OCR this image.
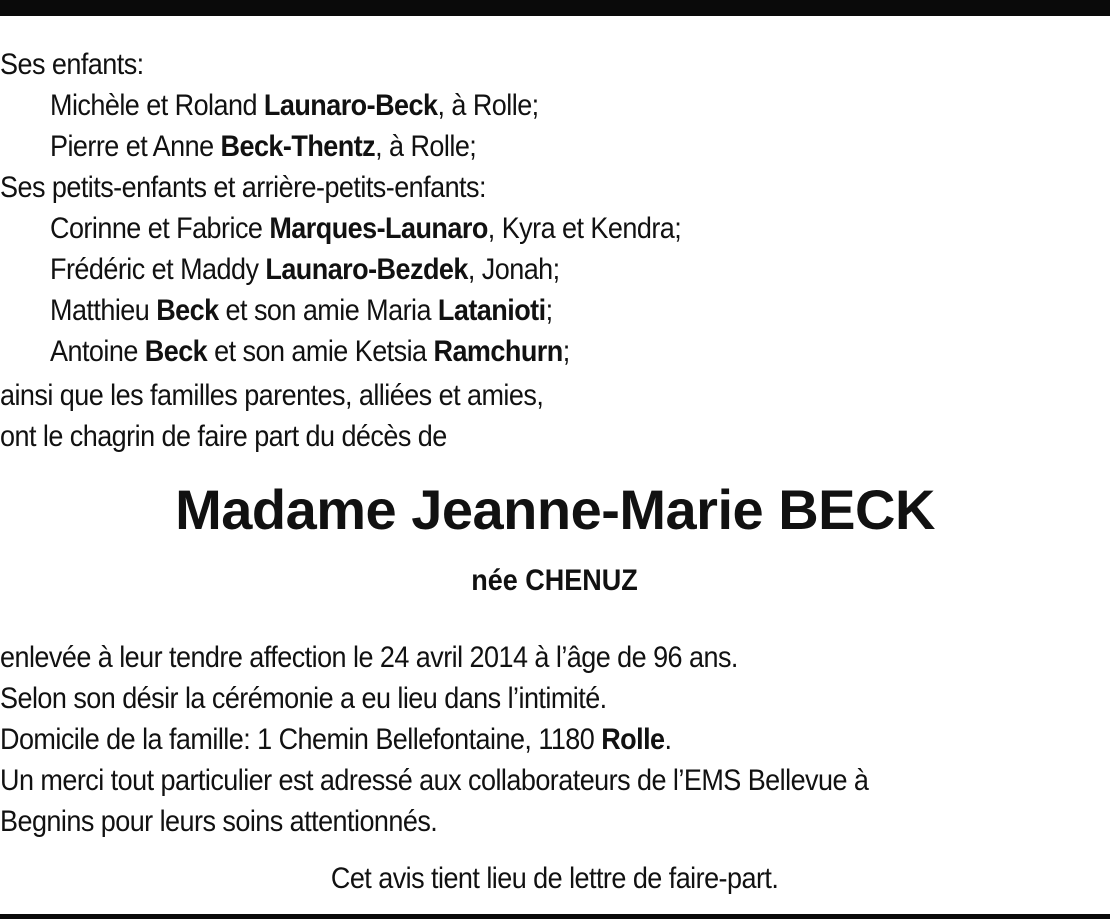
Ses enfants:
Michèle et Roland Launaro-Beck, à Rolle;
Pierre et Anne Beck-Thentz, à Rolle;
Ses petits-enfants et arrière-petits-enfants:
Corinne et Fabrice Marques-Launaro, Kyra et Kendra;
Frédéric et Maddy Launaro-Bezdek, Jonah;
Matthieu Beck et son amie Maria Latanioti;
Antoine Beck et son amie Ketsia Ramchurn;
ainsi que les familles parentes, alliées et amies,
ont le chagrin de faire part du décès de
Madame Jeanne-Marie BECK
née CHENUZ
enlevée à leur tendre affection le 24 avril 2014 à l’âge de 96 ans.
Selon son désir la cérémonie a eu lieu dans l’intimité.
Domicile de la famille: 1 Chemin Bellefontaine, 1180 Rolle.
Un merci tout particulier est adressé aux collaborateurs de l’EMS Bellevue à
Begnins pour leurs soins attentionnés.
Cet avis tient lieu de lettre de faire-part.
